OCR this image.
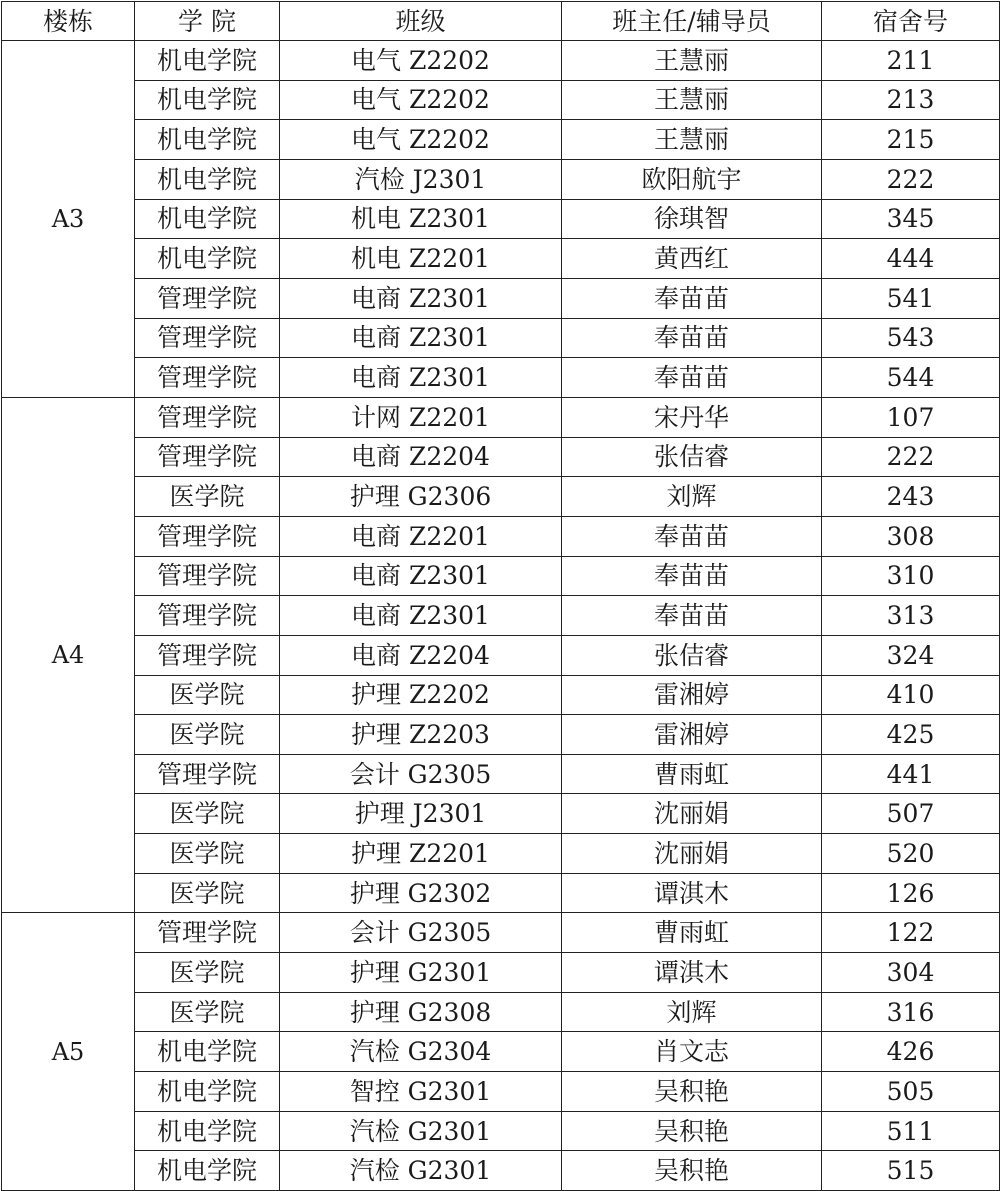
楼栋	学 院	班级	班主任/辅导员	宿舍号
A3	机电学院	电气 Z2202	王慧丽	211
	机电学院	电气 Z2202	王慧丽	213
	机电学院	电气 Z2202	王慧丽	215
	机电学院	汽检 J2301	欧阳航宇	222
	机电学院	机电 Z2301	徐琪智	345
	机电学院	机电 Z2201	黄西红	444
	管理学院	电商 Z2301	奉苗苗	541
	管理学院	电商 Z2301	奉苗苗	543
	管理学院	电商 Z2301	奉苗苗	544
A4	管理学院	计网 Z2201	宋丹华	107
	管理学院	电商 Z2204	张佶睿	222
	医学院	护理 G2306	刘辉	243
	管理学院	电商 Z2201	奉苗苗	308
	管理学院	电商 Z2301	奉苗苗	310
	管理学院	电商 Z2301	奉苗苗	313
	管理学院	电商 Z2204	张佶睿	324
	医学院	护理 Z2202	雷湘婷	410
	医学院	护理 Z2203	雷湘婷	425
	管理学院	会计 G2305	曹雨虹	441
	医学院	护理 J2301	沈丽娟	507
	医学院	护理 Z2201	沈丽娟	520
	医学院	护理 G2302	谭淇木	126
A5	管理学院	会计 G2305	曹雨虹	122
	医学院	护理 G2301	谭淇木	304
	医学院	护理 G2308	刘辉	316
	机电学院	汽检 G2304	肖文志	426
	机电学院	智控 G2301	吴积艳	505
	机电学院	汽检 G2301	吴积艳	511
	机电学院	汽检 G2301	吴积艳	515
